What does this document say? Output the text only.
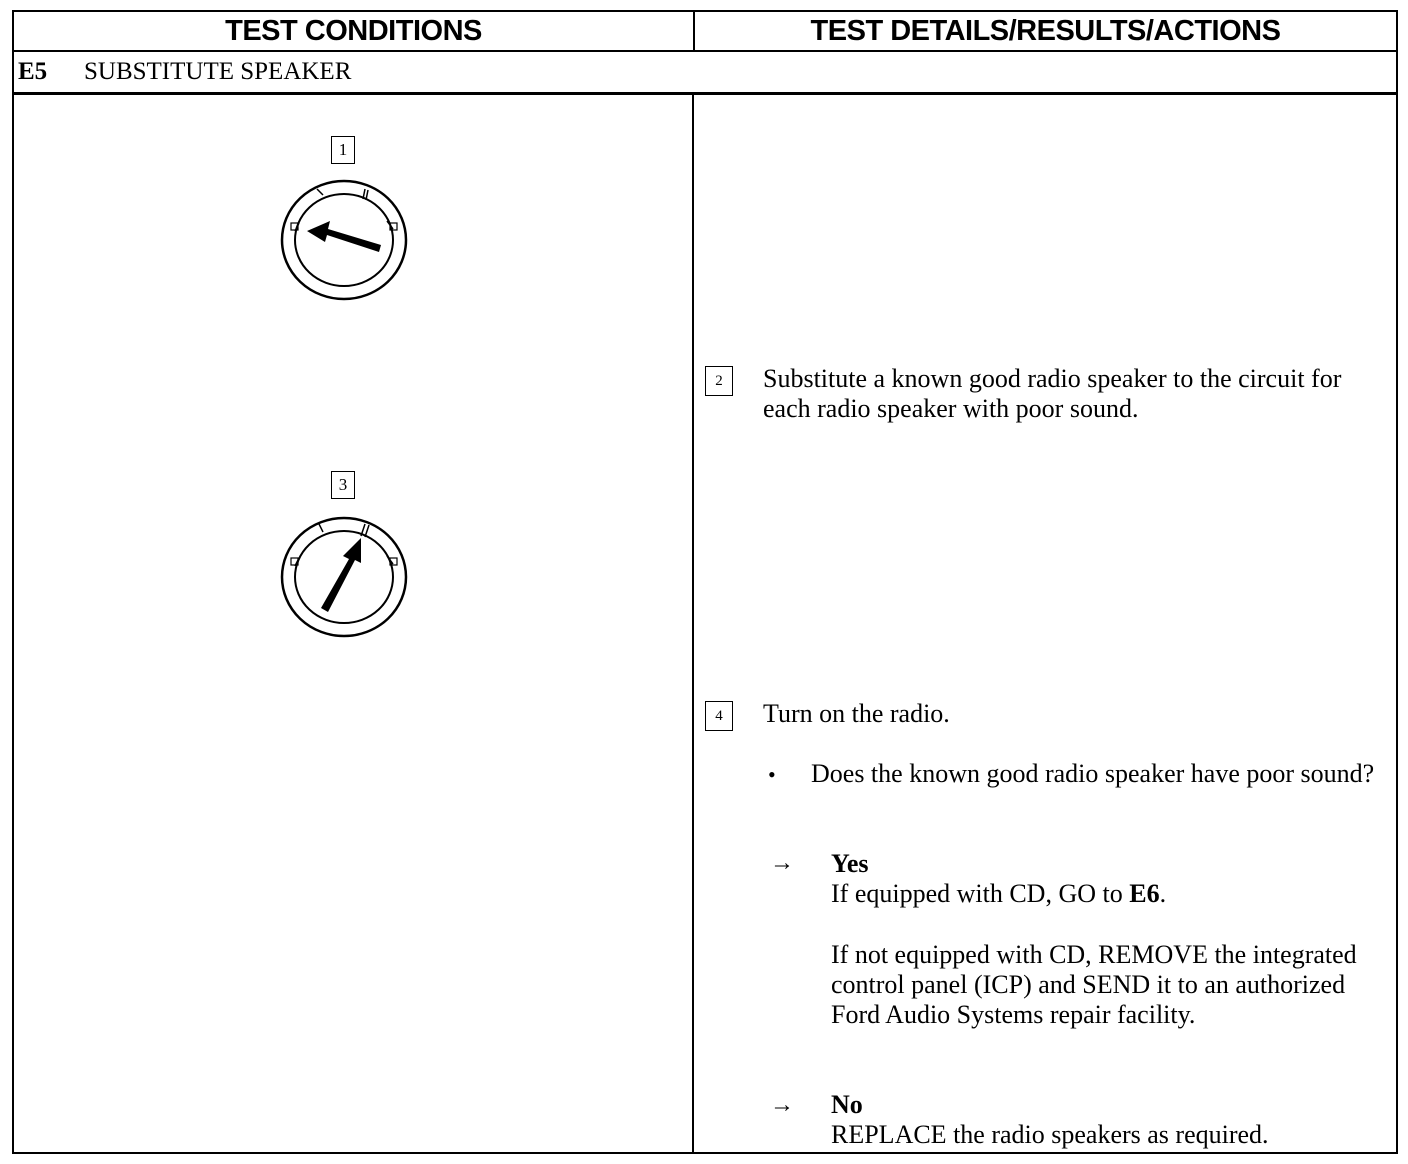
TEST CONDITIONS	TEST DETAILS/RESULTS/ACTIONS
E5	SUBSTITUTE SPEAKER
1
3
2	Substitute a known good radio speaker to the circuit for each radio speaker with poor sound.
4	Turn on the radio.
• Does the known good radio speaker have poor sound?
→ Yes
If equipped with CD, GO to E6.
If not equipped with CD, REMOVE the integrated control panel (ICP) and SEND it to an authorized Ford Audio Systems repair facility.
→ No
REPLACE the radio speakers as required.
